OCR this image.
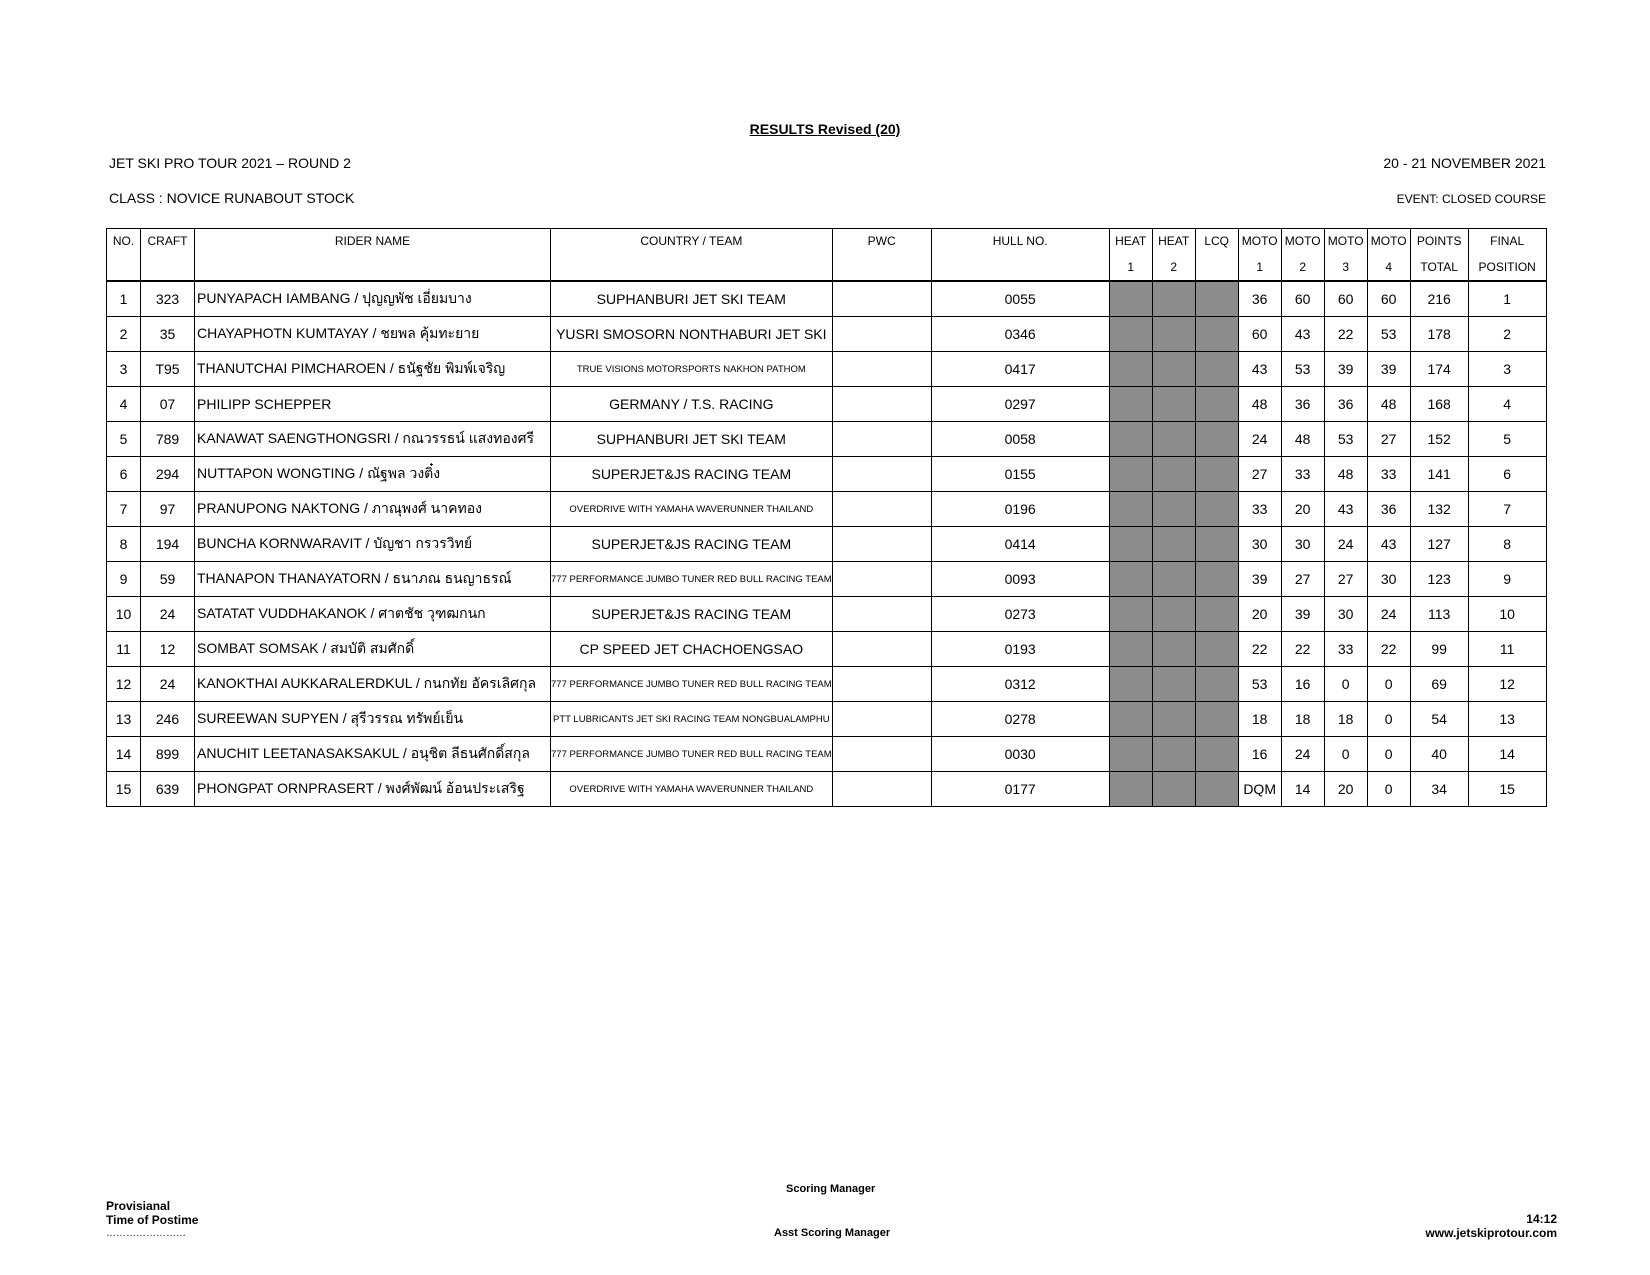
RESULTS Revised (20)
JET SKI PRO TOUR 2021 – ROUND 2	20 - 21 NOVEMBER 2021
CLASS : NOVICE RUNABOUT STOCK	EVENT: CLOSED COURSE
NO.	CRAFT	RIDER NAME	COUNTRY / TEAM	PWC	HULL NO.	HEAT	HEAT	LCQ	MOTO	MOTO	MOTO	MOTO	POINTS	FINAL
						1	2		1	2	3	4	TOTAL	POSITION
1	323	PUNYAPACH IAMBANG / ปุญญพัช เอี่ยมบาง	SUPHANBURI JET SKI TEAM		0055				36	60	60	60	216	1
2	35	CHAYAPHOTN KUMTAYAY / ชยพล คุ้มทะยาย	YUSRI SMOSORN NONTHABURI JET SKI		0346				60	43	22	53	178	2
3	T95	THANUTCHAI PIMCHAROEN / ธนัฐชัย พิมพ์เจริญ	TRUE VISIONS MOTORSPORTS NAKHON PATHOM		0417				43	53	39	39	174	3
4	07	PHILIPP SCHEPPER	GERMANY / T.S. RACING		0297				48	36	36	48	168	4
5	789	KANAWAT SAENGTHONGSRI / กณวรรธน์ แสงทองศรี	SUPHANBURI JET SKI TEAM		0058				24	48	53	27	152	5
6	294	NUTTAPON WONGTING / ณัฐพล วงติ๋ง	SUPERJET&JS RACING TEAM		0155				27	33	48	33	141	6
7	97	PRANUPONG NAKTONG / ภาณุพงศ์ นาคทอง	OVERDRIVE WITH YAMAHA WAVERUNNER THAILAND		0196				33	20	43	36	132	7
8	194	BUNCHA KORNWARAVIT / บัญชา กรวรวิทย์	SUPERJET&JS RACING TEAM		0414				30	30	24	43	127	8
9	59	THANAPON THANAYATORN / ธนาภณ ธนญาธรณ์	777 PERFORMANCE JUMBO TUNER RED BULL RACING TEAM		0093				39	27	27	30	123	9
10	24	SATATAT VUDDHAKANOK / ศาตชัช วุฑฒกนก	SUPERJET&JS RACING TEAM		0273				20	39	30	24	113	10
11	12	SOMBAT SOMSAK / สมบัติ สมศักดิ์	CP SPEED JET CHACHOENGSAO		0193				22	22	33	22	99	11
12	24	KANOKTHAI AUKKARALERDKUL / กนกทัย อัครเลิศกุล	777 PERFORMANCE JUMBO TUNER RED BULL RACING TEAM		0312				53	16	0	0	69	12
13	246	SUREEWAN SUPYEN / สุรีวรรณ ทรัพย์เย็น	PTT LUBRICANTS JET SKI RACING TEAM NONGBUALAMPHU		0278				18	18	18	0	54	13
14	899	ANUCHIT LEETANASAKSAKUL / อนุชิต ลีธนศักดิ์สกุล	777 PERFORMANCE JUMBO TUNER RED BULL RACING TEAM		0030				16	24	0	0	40	14
15	639	PHONGPAT ORNPRASERT / พงศ์พัฒน์ อ้อนประเสริฐ	OVERDRIVE WITH YAMAHA WAVERUNNER THAILAND		0177				DQM	14	20	0	34	15
Provisianal
Time of Postime
……………………
Scoring Manager
Asst Scoring Manager
14:12
www.jetskiprotour.com
